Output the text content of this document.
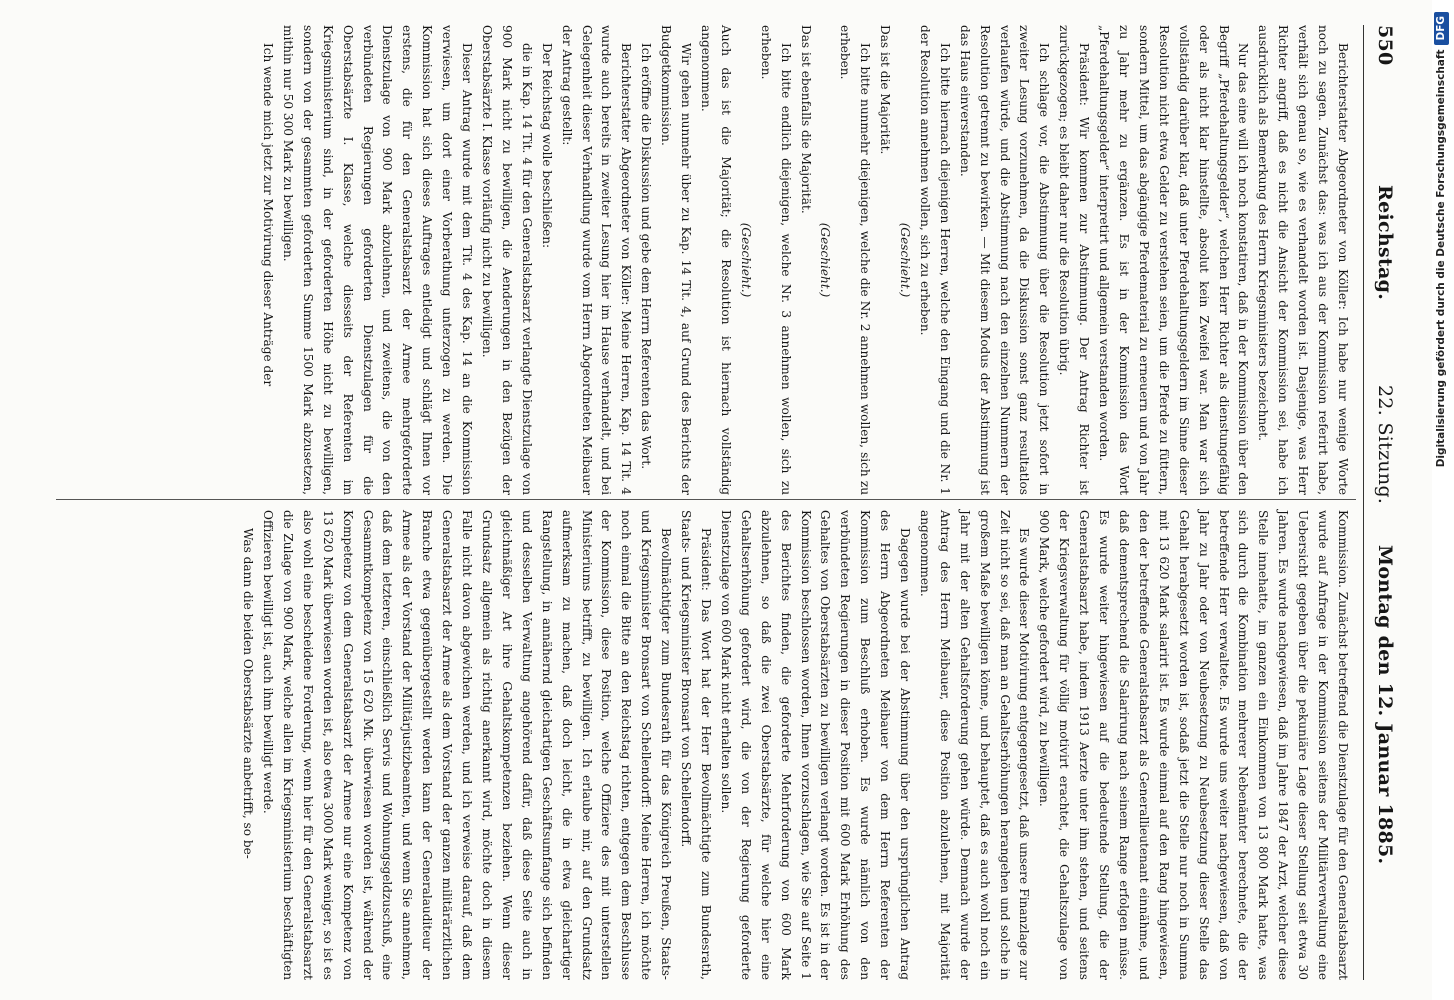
550
Reichstag.
22. Sitzung.
Montag den 12. Januar 1885.

Berichterstatter Abgeordneter von Köller: Ich habe nur wenige Worte noch zu sagen. Zunächst das: was ich aus der Kommission referirt habe, verhält sich genau so, wie es verhandelt worden ist. Dasjenige, was Herr Richter angriff, daß es nicht die Ansicht der Kommission sei, habe ich ausdrücklich als Bemerkung des Herrn Kriegsministers bezeichnet.

Nur das eine will ich noch konstatiren, daß in der Kommission über den Begriff „Pferdehaltungsgelder“, welchen Herr Richter als dienstungefähig oder als nicht klar hinstellte, absolut kein Zweifel war. Man war sich vollständig darüber klar, daß unter Pferdehaltungsgeldern im Sinne dieser Resolution nicht etwa Gelder zu verstehen seien, um die Pferde zu füttern, sondern Mittel, um das abgängige Pferdematerial zu erneuern und von Jahr zu Jahr mehr zu ergänzen. Es ist in der Kommission das Wort „Pferdehaltungsgelder“ interpretirt und allgemein verstanden worden.

Präsident: Wir kommen zur Abstimmung. Der Antrag Richter ist zurückgezogen; es bleibt daher nur die Resolution übrig.

Ich schlage vor, die Abstimmung über die Resolution jetzt sofort in zweiter Lesung vorzunehmen, da die Diskussion sonst ganz resultatlos verlaufen würde, und die Abstimmung nach den einzelnen Nummern der Resolution getrennt zu bewirken. — Mit diesem Modus der Abstimmung ist das Haus einverstanden.

Ich bitte hiernach diejenigen Herren, welche den Eingang und die Nr. 1 der Resolution annehmen wollen, sich zu erheben.

(Geschieht.)

Das ist die Majorität.

Ich bitte nunmehr diejenigen, welche die Nr. 2 annehmen wollen, sich zu erheben.

(Geschieht.)

Das ist ebenfalls die Majorität.

Ich bitte endlich diejenigen, welche Nr. 3 annehmen wollen, sich zu erheben.

(Geschieht.)

Auch das ist die Majorität; die Resolution ist hiernach vollständig angenommen.

Wir gehen nunmehr über zu Kap. 14 Tit. 4, auf Grund des Berichts der Budgetkommission.

Ich eröffne die Diskussion und gebe dem Herrn Referenten das Wort.

Berichterstatter Abgeordneter von Köller: Meine Herren, Kap. 14 Tit. 4 wurde auch bereits in zweiter Lesung hier im Hause verhandelt, und bei Gelegenheit dieser Verhandlung wurde vom Herrn Abgeordneten Meibauer der Antrag gestellt:

Der Reichstag wolle beschließen:

die in Kap. 14 Tit. 4 für den Generalstabsarzt verlangte Dienstzulage von 900 Mark nicht zu bewilligen, die Aenderungen in den Bezügen der Oberstabsärzte I. Klasse vorläufig nicht zu bewilligen.

Dieser Antrag wurde mit dem Tit. 4 des Kap. 14 an die Kommission verwiesen, um dort einer Vorberathung unterzogen zu werden. Die Kommission hat sich dieses Auftrages entledigt und schlägt Ihnen vor erstens, die für den Generalstabsarzt der Armee mehrgeforderte Dienstzulage von 900 Mark abzulehnen, und zweitens, die von den verbündeten Regierungen geforderten Dienstzulagen für die Oberstabsärzte I. Klasse, welche diesseits der Referenten im Kriegsministerium sind, in der geforderten Höhe nicht zu bewilligen, sondern von der gesammten geforderten Summe 1500 Mark abzusetzen, mithin nur 50 300 Mark zu bewilligen.

Ich wende mich jetzt zur Motivirung dieser Anträge der

Kommission. Zunächst betreffend die Dienstzulage für den Generalstabsarzt wurde auf Anfrage in der Kommission seitens der Militärverwaltung eine Uebersicht gegeben über die pekuniäre Lage dieser Stellung seit etwa 30 Jahren. Es wurde nachgewiesen, daß im Jahre 1847 der Arzt, welcher diese Stelle innehatte, im ganzen ein Einkommen von 13 800 Mark hatte, was sich durch die Kombination mehrerer Nebenämter berechnete, die der betreffende Herr verwaltete. Es wurde uns weiter nachgewiesen, daß von Jahr zu Jahr oder von Neubesetzung zu Neubesetzung dieser Stelle das Gehalt herabgesetzt worden ist, sodaß jetzt die Stelle nur noch in Summa mit 13 620 Mark salarirt ist. Es wurde einmal auf den Rang hingewiesen, den der betreffende Generalstabsarzt als Generallieutenant einnähme, und daß dementsprechend die Salarirung nach seinem Range erfolgen müsse. Es wurde weiter hingewiesen auf die bedeutende Stellung, die der Generalstabsarzt habe, indem 1913 Aerzte unter ihm stehen, und seitens der Kriegsverwaltung für völlig motivirt erachtet, die Gehaltszulage von 900 Mark, welche gefordert wird, zu bewilligen.

Es wurde dieser Motivirung entgegengesetzt, daß unsere Finanzlage zur Zeit nicht so sei, daß man an Gehaltserhöhungen herangehen und solche in großem Maße bewilligen könne, und behauptet, daß es auch wohl noch ein Jahr mit der alten Gehaltsforderung gehen würde. Demnach wurde der Antrag des Herrn Meibauer, diese Position abzulehnen, mit Majorität angenommen.

Dagegen wurde bei der Abstimmung über den ursprünglichen Antrag des Herrn Abgeordneten Meibauer von dem Herrn Referenten der Kommission zum Beschluß erhoben. Es wurde nämlich von den verbündeten Regierungen in dieser Position mit 600 Mark Erhöhung des Gehaltes von Oberstabsärzten zu bewilligen verlangt worden. Es ist in der Kommission beschlossen worden, Ihnen vorzuschlagen, wie Sie auf Seite 1 des Berichtes finden, die geforderte Mehrforderung von 600 Mark abzulehnen, so daß die zwei Oberstabsärzte, für welche hier eine Gehaltserhöhung gefordert wird, die von der Regierung geforderte Dienstzulage von 600 Mark nicht erhalten sollen.

Präsident: Das Wort hat der Herr Bevollmächtigte zum Bundesrath, Staats- und Kriegsminister Bronsart von Schellendorff.

Bevollmächtigter zum Bundesrath für das Königreich Preußen, Staats- und Kriegsminister Bronsart von Schellendorff: Meine Herren, ich möchte noch einmal die Bitte an den Reichstag richten, entgegen dem Beschlusse der Kommission, diese Position, welche Offiziere des mit unterstellen Ministeriums betrifft, zu bewilligen. Ich erlaube mir, auf den Grundsatz aufmerksam zu machen, daß doch leicht, die in etwa gleichartiger Rangstellung, in annähernd gleichartigen Geschäftsumfange sich befinden und desselben Verwaltung angehörend dafür, daß diese Seite auch in gleichmäßiger Art ihre Gehaltskompetenzen beziehen. Wenn dieser Grundsatz allgemein als richtig anerkannt wird, möchte doch in diesem Falle nicht davon abgewichen werden, und ich verweise darauf, daß dem Generalstabsarzt der Armee als dem Vorstand der ganzen militärärztlichen Branche etwa gegenübergestellt werden kann der Generalauditeur der Armee als der Vorstand der Militärjustizbeamten, und wenn Sie annehmen, daß dem letzteren, einschließlich Servis und Wohnungsgeldzuschuß, eine Gesammtkompetenz von 15 620 Mk. überwiesen worden ist, während der Kompetenz von dem Generalstabsarzt der Armee nur eine Kompetenz von 13 620 Mark überwiesen worden ist, also etwa 3000 Mark weniger, so ist es also wohl eine bescheidene Forderung, wenn hier für den Generalstabsarzt die Zulage von 900 Mark, welche allen im Kriegsministerium beschäftigten Offizieren bewilligt ist, auch ihm bewilligt werde.

Was dann die beiden Oberstabsärzte anbetrifft, so be-

Digitalisierung gefördert durch die Deutsche ForschungsgemeinschaftDFG
